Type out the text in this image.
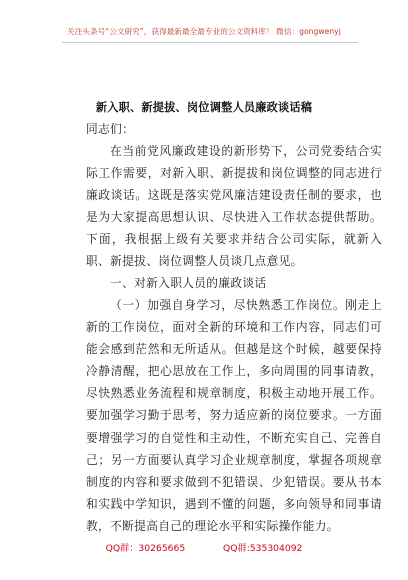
关注头条号“公文研究”，获得最新最全最专业的公文资料库！ 微信：gongwenyj
新入职、新提拔、岗位调整人员廉政谈话稿
同志们：
在当前党风廉政建设的新形势下，公司党委结合实际工作需要，对新入职、新提拔和岗位调整的同志进行廉政谈话。这既是落实党风廉洁建设责任制的要求，也是为大家提高思想认识、尽快进入工作状态提供帮助。下面，我根据上级有关要求并结合公司实际，就新入职、新提拔、岗位调整人员谈几点意见。
一、对新入职人员的廉政谈话
（一）加强自身学习，尽快熟悉工作岗位。刚走上新的工作岗位，面对全新的环境和工作内容，同志们可能会感到茫然和无所适从。但越是这个时候，越要保持冷静清醒，把心思放在工作上，多向周围的同事请教，尽快熟悉业务流程和规章制度，积极主动地开展工作。要加强学习勤于思考，努力适应新的岗位要求。一方面要增强学习的自觉性和主动性，不断充实自己、完善自己；另一方面要认真学习企业规章制度，掌握各项规章制度的内容和要求做到不犯错误、少犯错误。要从书本和实践中学知识，遇到不懂的问题，多向领导和同事请教，不断提高自己的理论水平和实际操作能力。
QQ群：30265665	QQ群:535304092
